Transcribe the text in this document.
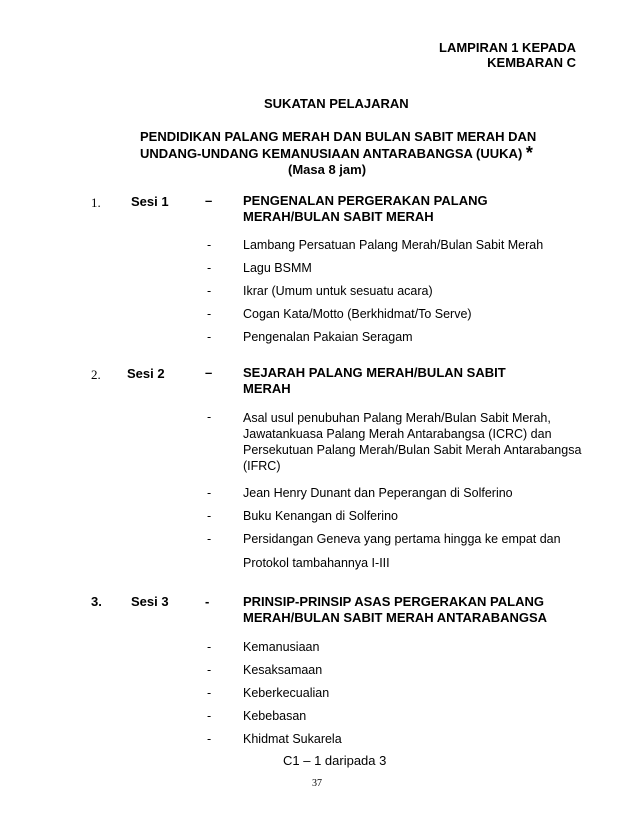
LAMPIRAN 1 KEPADA
KEMBARAN C
SUKATAN PELAJARAN
PENDIDIKAN PALANG MERAH DAN BULAN SABIT MERAH DAN
UNDANG-UNDANG KEMANUSIAAN ANTARABANGSA (UUKA) *
(Masa 8 jam)
1. Sesi 1	– PENGENALAN PERGERAKAN PALANG
MERAH/BULAN SABIT MERAH
-	Lambang Persatuan Palang Merah/Bulan Sabit Merah
-	Lagu BSMM
-	Ikrar (Umum untuk sesuatu acara)
-	Cogan Kata/Motto (Berkhidmat/To Serve)
-	Pengenalan Pakaian Seragam
2. Sesi 2	– SEJARAH PALANG MERAH/BULAN SABIT
MERAH
-	Asal usul penubuhan Palang Merah/Bulan Sabit Merah,
Jawatankuasa Palang Merah Antarabangsa (ICRC) dan
Persekutuan Palang Merah/Bulan Sabit Merah Antarabangsa
(IFRC)
-	Jean Henry Dunant dan Peperangan di Solferino
-	Buku Kenangan di Solferino
-	Persidangan Geneva yang pertama hingga ke empat dan
Protokol tambahannya I-III
3. Sesi 3	-	PRINSIP-PRINSIP ASAS PERGERAKAN PALANG
MERAH/BULAN SABIT MERAH ANTARABANGSA
-	Kemanusiaan
-	Kesaksamaan
-	Keberkecualian
-	Kebebasan
-	Khidmat Sukarela
C1 – 1 daripada 3
37
